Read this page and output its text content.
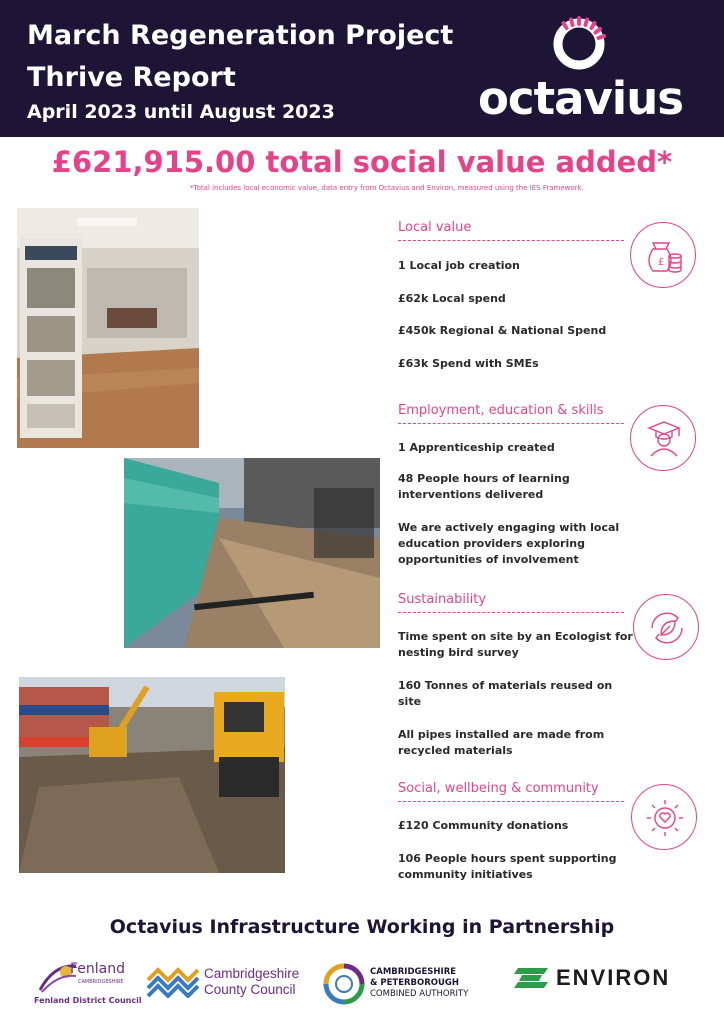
March Regeneration Project
Thrive Report
April 2023 until August 2023	octavius
£621,915.00 total social value added*
*Total includes local economic value, data entry from Octavius and Environ, measured using the IES Framework.
Local value
1 Local job creation
£62k Local spend
£450k Regional & National Spend
£63k Spend with SMEs
£
Employment, education & skills
1 Apprenticeship created
48 People hours of learning interventions delivered
We are actively engaging with local education providers exploring opportunities of involvement
Sustainability
Time spent on site by an Ecologist for nesting bird survey
160 Tonnes of materials reused on site
All pipes installed are made from recycled materials
Social, wellbeing & community
£120 Community donations
106 People hours spent supporting community initiatives
Octavius Infrastructure Working in Partnership
Fenland
CAMBRIDGESHIRE
Fenland District Council
Cambridgeshire
County Council
CAMBRIDGESHIRE
& PETERBOROUGH
COMBINED AUTHORITY
ENVIRON
